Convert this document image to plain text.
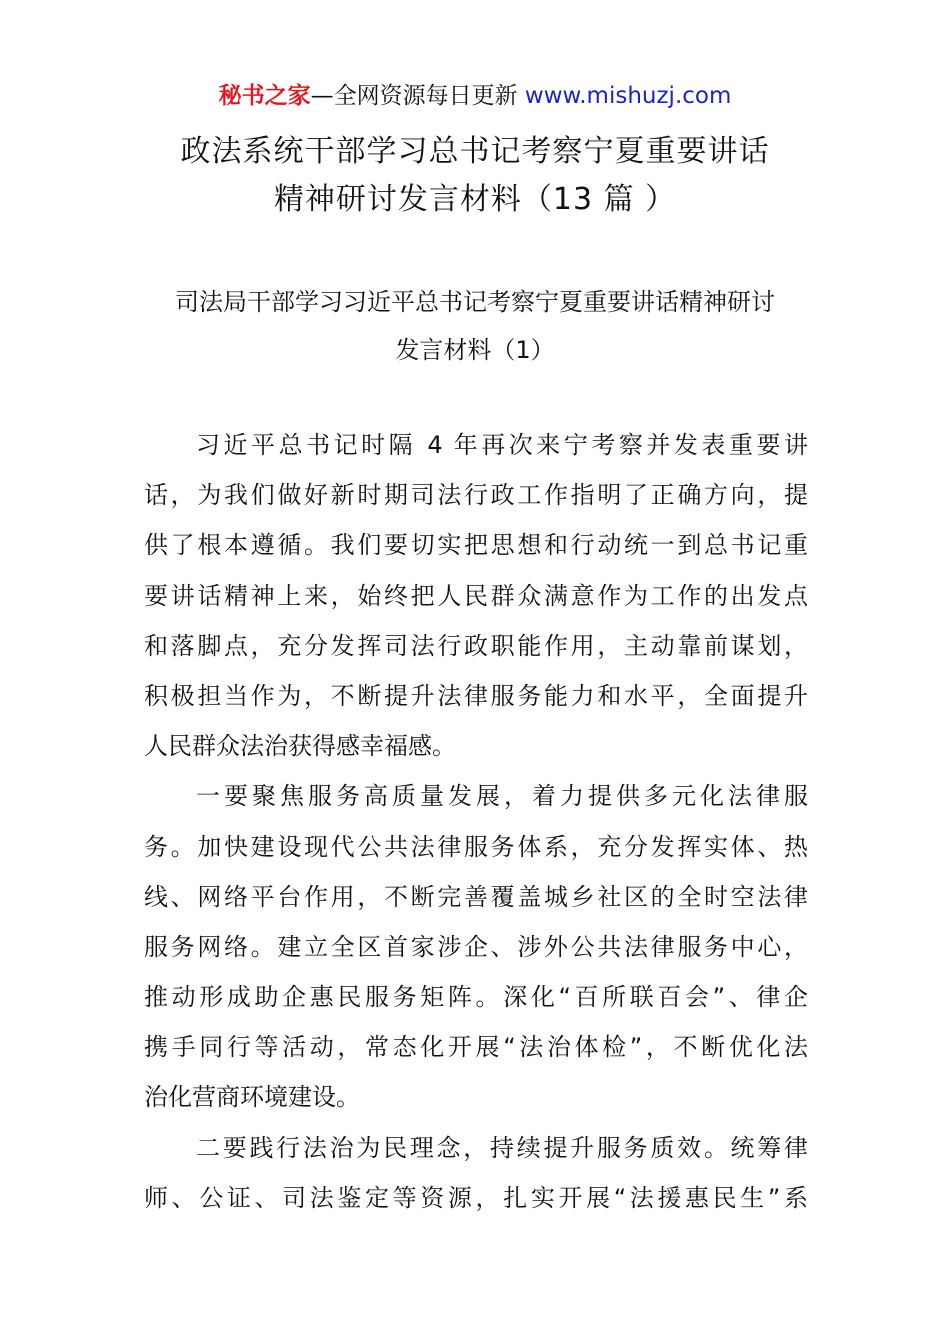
秘书之家—全网资源每日更新 www.mishuzj.com
政法系统干部学习总书记考察宁夏重要讲话
精神研讨发言材料（13 篇 ）
司法局干部学习习近平总书记考察宁夏重要讲话精神研讨
发言材料（1）
习近平总书记时隔 4 年再次来宁考察并发表重要讲
话，为我们做好新时期司法行政工作指明了正确方向，提
供了根本遵循。我们要切实把思想和行动统一到总书记重
要讲话精神上来，始终把人民群众满意作为工作的出发点
和落脚点，充分发挥司法行政职能作用，主动靠前谋划，
积极担当作为，不断提升法律服务能力和水平，全面提升
人民群众法治获得感幸福感。
一要聚焦服务高质量发展，着力提供多元化法律服
务。加快建设现代公共法律服务体系，充分发挥实体、热
线、网络平台作用，不断完善覆盖城乡社区的全时空法律
服务网络。建立全区首家涉企、涉外公共法律服务中心，
推动形成助企惠民服务矩阵。深化“百所联百会”、律企
携手同行等活动，常态化开展“法治体检”，不断优化法
治化营商环境建设。
二要践行法治为民理念，持续提升服务质效。统筹律
师、公证、司法鉴定等资源，扎实开展“法援惠民生”系
